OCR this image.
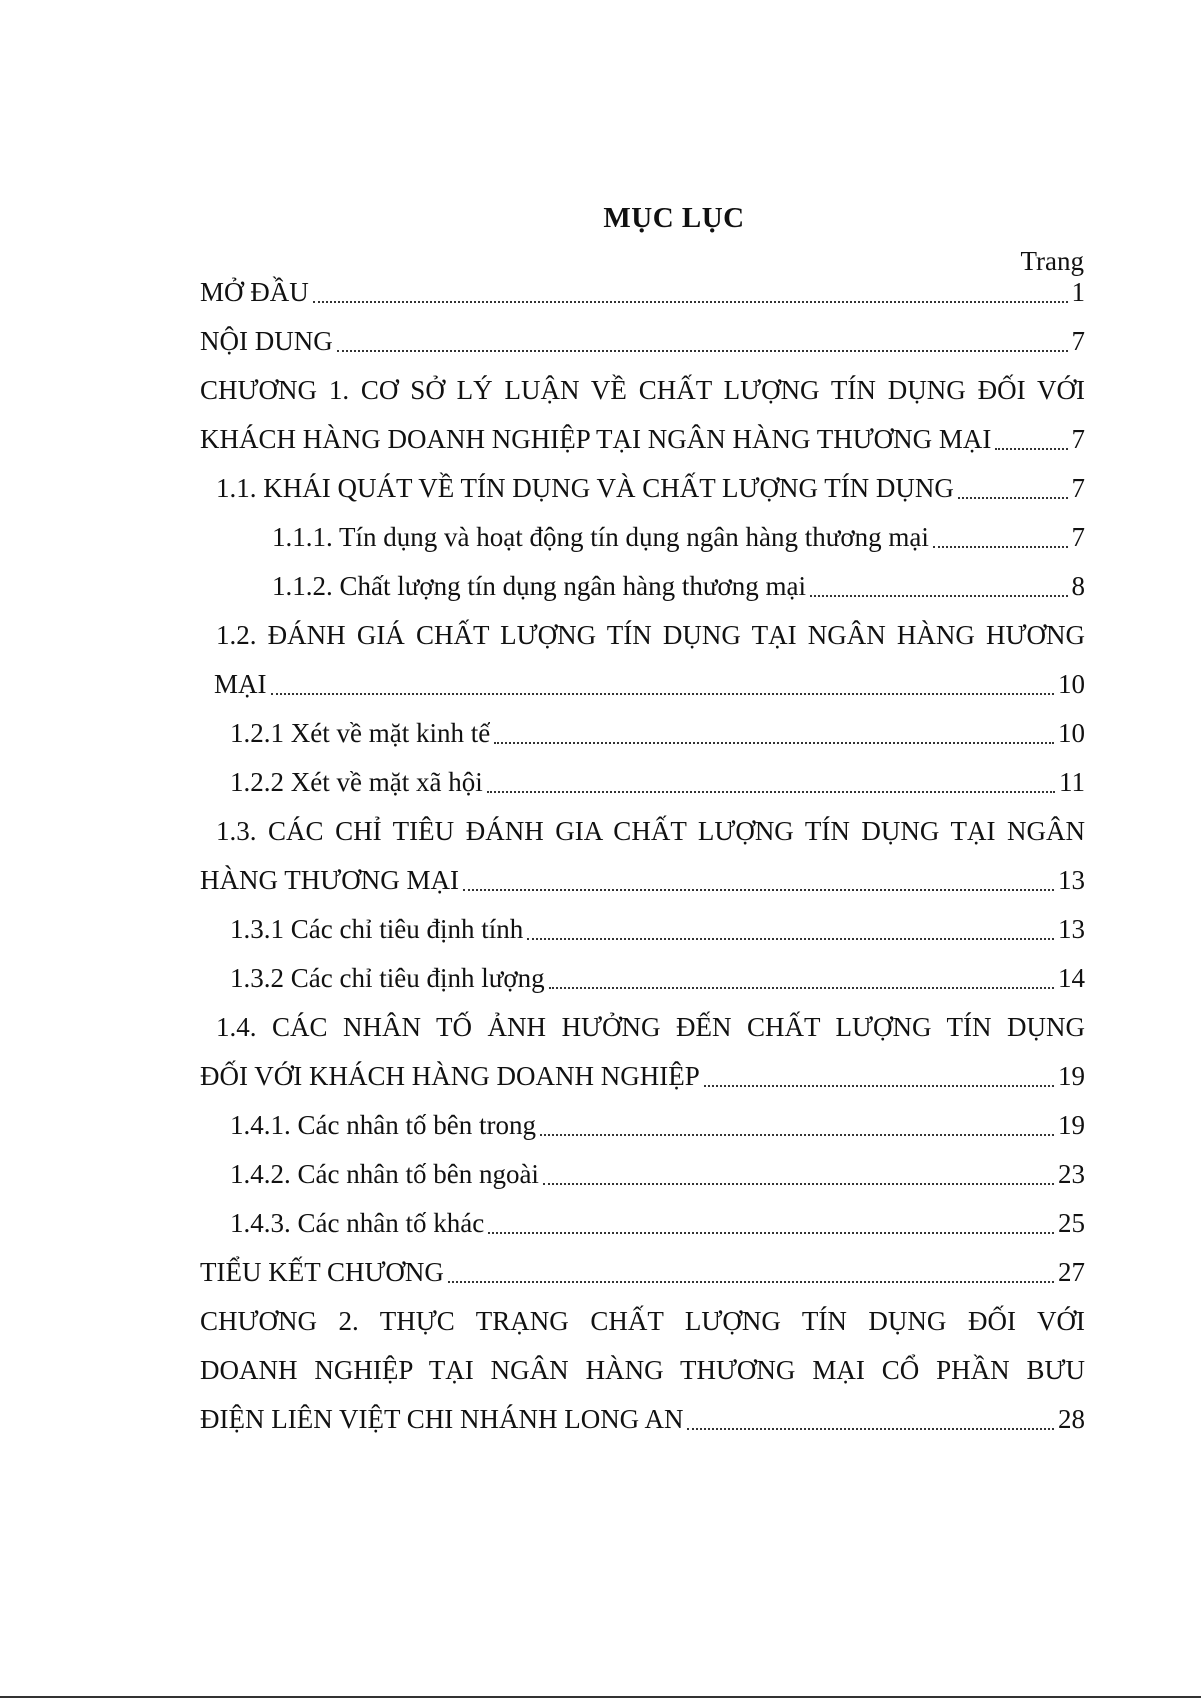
MỤC LỤC
Trang
MỞ ĐẦU	1
NỘI DUNG	7
CHƯƠNG 1. CƠ SỞ LÝ LUẬN VỀ CHẤT LƯỢNG TÍN DỤNG ĐỐI VỚI
KHÁCH HÀNG DOANH NGHIỆP TẠI NGÂN HÀNG THƯƠNG MẠI	7
1.1. KHÁI QUÁT VỀ TÍN DỤNG VÀ CHẤT LƯỢNG TÍN DỤNG	7
1.1.1. Tín dụng và hoạt động tín dụng ngân hàng thương mại	7
1.1.2. Chất lượng tín dụng ngân hàng thương mại	8
1.2. ĐÁNH GIÁ CHẤT LƯỢNG TÍN DỤNG TẠI NGÂN HÀNG HƯƠNG
MẠI	10
1.2.1 Xét về mặt kinh tế	10
1.2.2 Xét về mặt xã hội	11
1.3. CÁC CHỈ TIÊU ĐÁNH GIA CHẤT LƯỢNG TÍN DỤNG TẠI NGÂN
HÀNG THƯƠNG MẠI	13
1.3.1 Các chỉ tiêu định tính	13
1.3.2 Các chỉ tiêu định lượng	14
1.4. CÁC NHÂN TỐ ẢNH HƯỞNG ĐẾN CHẤT LƯỢNG TÍN DỤNG
ĐỐI VỚI KHÁCH HÀNG DOANH NGHIỆP	19
1.4.1. Các nhân tố bên trong	19
1.4.2. Các nhân tố bên ngoài	23
1.4.3. Các nhân tố khác	25
TIỂU KẾT CHƯƠNG	27
CHƯƠNG 2. THỰC TRẠNG CHẤT LƯỢNG TÍN DỤNG ĐỐI VỚI
DOANH NGHIỆP TẠI NGÂN HÀNG THƯƠNG MẠI CỔ PHẦN BƯU
ĐIỆN LIÊN VIỆT CHI NHÁNH LONG AN	28
